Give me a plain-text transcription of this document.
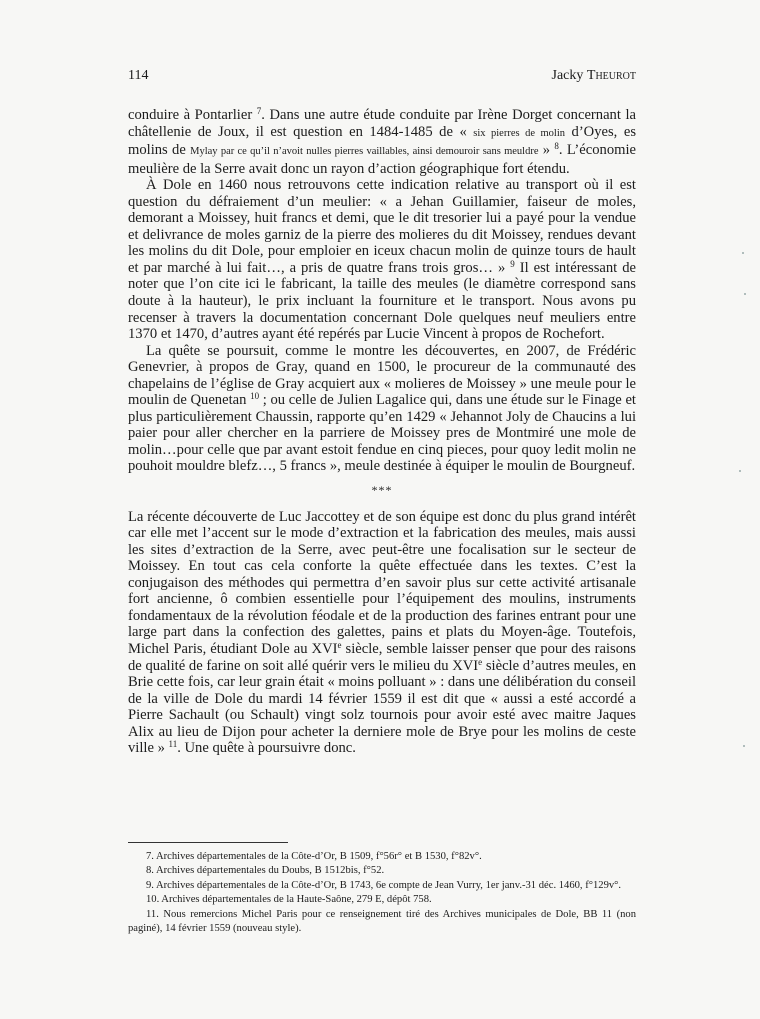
114	Jacky Theurot

conduire à Pontarlier $^7$. Dans une autre étude conduite par Irène Dorget concernant la châtellenie de Joux, il est question en 1484-1485 de « six pierres de molin d’Oyes, es molins de Mylay par ce qu’il n’avoit nulles pierres vaillables, ainsi demouroir sans meuldre » $^8$. L’économie meulière de la Serre avait donc un rayon d’action géographique fort étendu.

À Dole en 1460 nous retrouvons cette indication relative au transport où il est question du défraiement d’un meulier: « a Jehan Guillamier, faiseur de moles, demorant a Moissey, huit francs et demi, que le dit tresorier lui a payé pour la vendue et delivrance de moles garniz de la pierre des molieres du dit Moissey, rendues devant les molins du dit Dole, pour emploier en iceux chacun molin de quinze tours de hault et par marché à lui fait…, a pris de quatre frans trois gros… » $^9$ Il est intéressant de noter que l’on cite ici le fabricant, la taille des meules (le diamètre correspond sans doute à la hauteur), le prix incluant la fourniture et le transport. Nous avons pu recenser à travers la documentation concernant Dole quelques neuf meuliers entre 1370 et 1470, d’autres ayant été repérés par Lucie Vincent à propos de Rochefort.

La quête se poursuit, comme le montre les découvertes, en 2007, de Frédéric Genevrier, à propos de Gray, quand en 1500, le procureur de la communauté des chapelains de l’église de Gray acquiert aux « molieres de Moissey » une meule pour le moulin de Quenetan $^{10}$ ; ou celle de Julien Lagalice qui, dans une étude sur le Finage et plus particulièrement Chaussin, rapporte qu’en 1429 « Jehannot Joly de Chaucins a lui paier pour aller chercher en la parriere de Moissey pres de Montmiré une mole de molin…pour celle que par avant estoit fendue en cinq pieces, pour quoy ledit molin ne pouhoit mouldre blefz…, 5 francs », meule destinée à équiper le moulin de Bourgneuf.

***

La récente découverte de Luc Jaccottey et de son équipe est donc du plus grand intérêt car elle met l’accent sur le mode d’extraction et la fabrication des meules, mais aussi les sites d’extraction de la Serre, avec peut-être une focalisation sur le secteur de Moissey. En tout cas cela conforte la quête effectuée dans les textes. C’est la conjugaison des méthodes qui permettra d’en savoir plus sur cette activité artisanale fort ancienne, ô combien essentielle pour l’équipement des moulins, instruments fondamentaux de la révolution féodale et de la production des farines entrant pour une large part dans la confection des galettes, pains et plats du Moyen-âge. Toutefois, Michel Paris, étudiant Dole au XVIe siècle, semble laisser penser que pour des raisons de qualité de farine on soit allé quérir vers le milieu du XVIe siècle d’autres meules, en Brie cette fois, car leur grain était « moins polluant » : dans une délibération du conseil de la ville de Dole du mardi 14 février 1559 il est dit que « aussi a esté accordé a Pierre Sachault (ou Schault) vingt solz tournois pour avoir esté avec maitre Jaques Alix au lieu de Dijon pour acheter la derniere mole de Brye pour les molins de ceste ville » $^{11}$. Une quête à poursuivre donc.

7. Archives départementales de la Côte-d’Or, B 1509, f°56r° et B 1530, f°82v°.

8. Archives départementales du Doubs, B 1512bis, f°52.

9. Archives départementales de la Côte-d’Or, B 1743, 6e compte de Jean Vurry, 1er janv.-31 déc. 1460, f°129v°.

10. Archives départementales de la Haute-Saône, 279 E, dépôt 758.

11. Nous remercions Michel Paris pour ce renseignement tiré des Archives municipales de Dole, BB 11 (non paginé), 14 février 1559 (nouveau style).
